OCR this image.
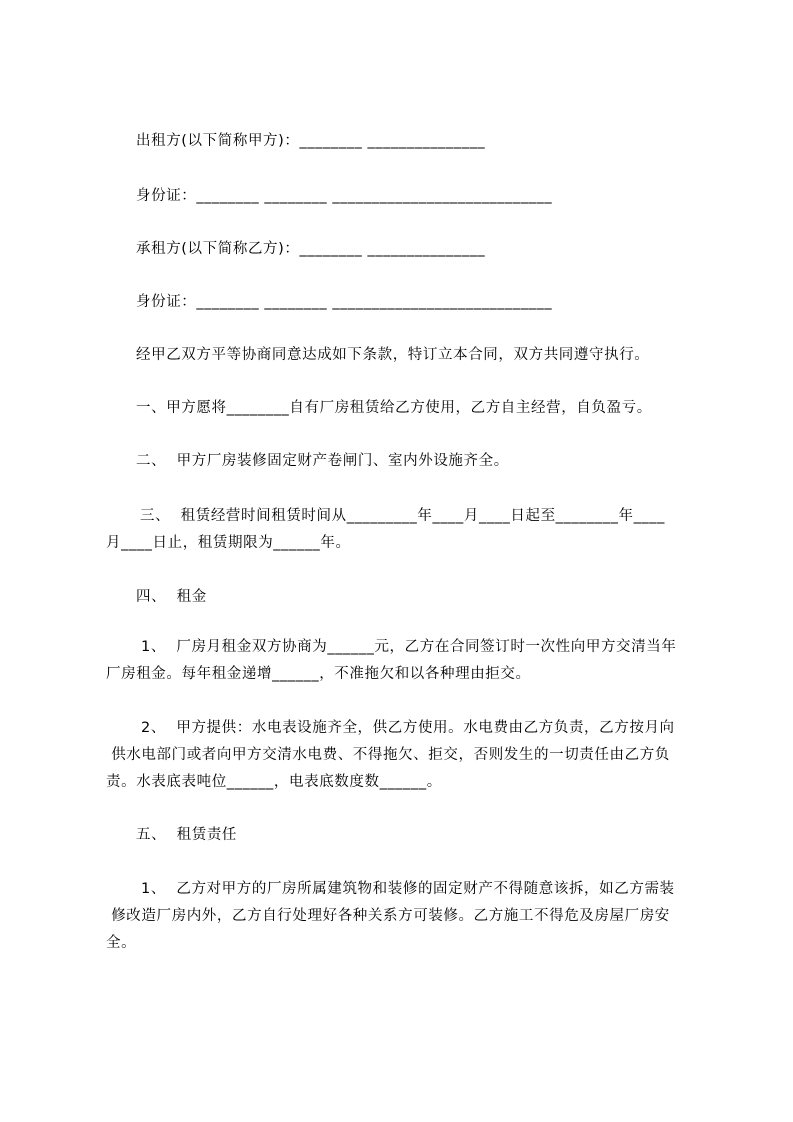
出租方(以下简称甲方)：________ _______________
身份证：________ ________ ____________________________
承租方(以下简称乙方)：________ _______________
身份证：________ ________ ____________________________
经甲乙双方平等协商同意达成如下条款，特订立本合同，双方共同遵守执行。
一、甲方愿将________自有厂房租赁给乙方使用，乙方自主经营，自负盈亏。
二、  甲方厂房装修固定财产卷闸门、室内外设施齐全。
三、  租赁经营时间租赁时间从_________年____月____日起至________年____
月____日止，租赁期限为______年。
四、  租金
1、  厂房月租金双方协商为______元，乙方在合同签订时一次性向甲方交清当年
厂房租金。每年租金递增______，不准拖欠和以各种理由拒交。
2、  甲方提供：水电表设施齐全，供乙方使用。水电费由乙方负责，乙方按月向
供水电部门或者向甲方交清水电费、不得拖欠、拒交，否则发生的一切责任由乙方负
责。水表底表吨位______，电表底数度数______。
五、  租赁责任
1、  乙方对甲方的厂房所属建筑物和装修的固定财产不得随意该拆，如乙方需装
修改造厂房内外，乙方自行处理好各种关系方可装修。乙方施工不得危及房屋厂房安
全。
